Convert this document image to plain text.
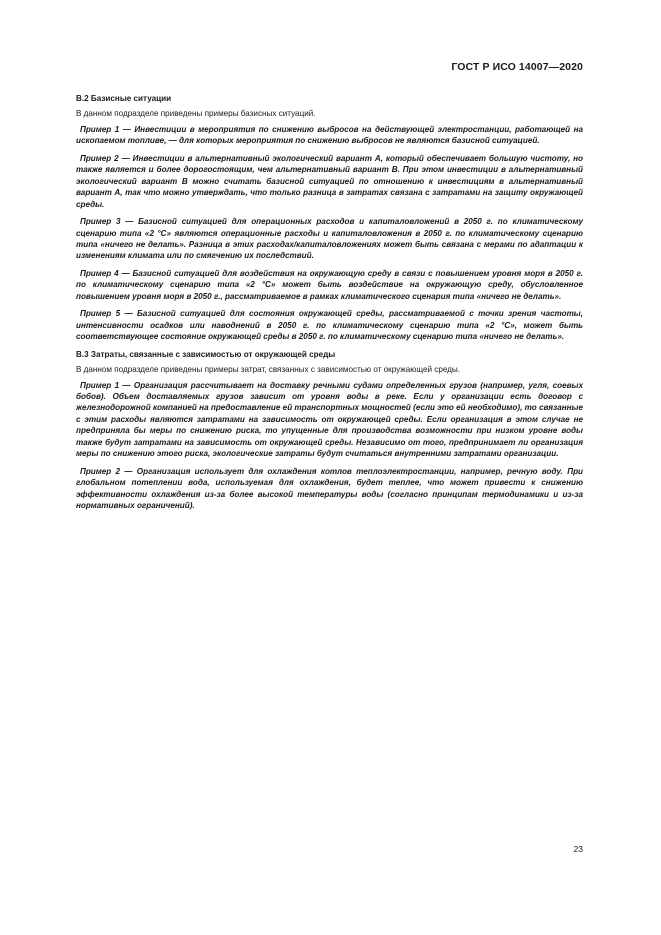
ГОСТ Р ИСО 14007—2020
В.2 Базисные ситуации
В данном подразделе приведены примеры базисных ситуаций.
Пример 1 — Инвестиции в мероприятия по снижению выбросов на действующей электростанции, работающей на ископаемом топливе, — для которых мероприятия по снижению выбросов не являются базисной ситуацией.
Пример 2 — Инвестиции в альтернативный экологический вариант А, который обеспечивает большую чистоту, но также является и более дорогостоящим, чем альтернативный вариант В. При этом инвестиции в альтернативный экологический вариант В можно считать базисной ситуацией по отношению к инвестициям в альтернативный вариант А, так что можно утверждать, что только разница в затратах связана с затратами на защиту окружающей среды.
Пример 3 — Базисной ситуацией для операционных расходов и капиталовложений в 2050 г. по климатическому сценарию типа «2 °C» являются операционные расходы и капиталовложения в 2050 г. по климатическому сценарию типа «ничего не делать». Разница в этих расходах/капиталовложениях может быть связана с мерами по адаптации к изменениям климата или по смягчению их последствий.
Пример 4 — Базисной ситуацией для воздействия на окружающую среду в связи с повышением уровня моря в 2050 г. по климатическому сценарию типа «2 °C» может быть воздействие на окружающую среду, обусловленное повышением уровня моря в 2050 г., рассматриваемое в рамках климатического сценария типа «ничего не делать».
Пример 5 — Базисной ситуацией для состояния окружающей среды, рассматриваемой с точки зрения частоты, интенсивности осадков или наводнений в 2050 г. по климатическому сценарию типа «2 °C», может быть соответствующее состояние окружающей среды в 2050 г. по климатическому сценарию типа «ничего не делать».
В.3 Затраты, связанные с зависимостью от окружающей среды
В данном подразделе приведены примеры затрат, связанных с зависимостью от окружающей среды.
Пример 1 — Организация рассчитывает на доставку речными судами определенных грузов (например, угля, соевых бобов). Объем доставляемых грузов зависит от уровня воды в реке. Если у организации есть договор с железнодорожной компанией на предоставление ей транспортных мощностей (если это ей необходимо), то связанные с этим расходы являются затратами на зависимость от окружающей среды. Если организация в этом случае не предприняла бы меры по снижению риска, то упущенные для производства возможности при низком уровне воды также будут затратами на зависимость от окружающей среды. Независимо от того, предпринимает ли организация меры по снижению этого риска, экологические затраты будут считаться внутренними затратами организации.
Пример 2 — Организация использует для охлаждения котлов теплоэлектростанции, например, речную воду. При глобальном потеплении вода, используемая для охлаждения, будет теплее, что может привести к снижению эффективности охлаждения из-за более высокой температуры воды (согласно принципам термодинамики и из-за нормативных ограничений).
23
